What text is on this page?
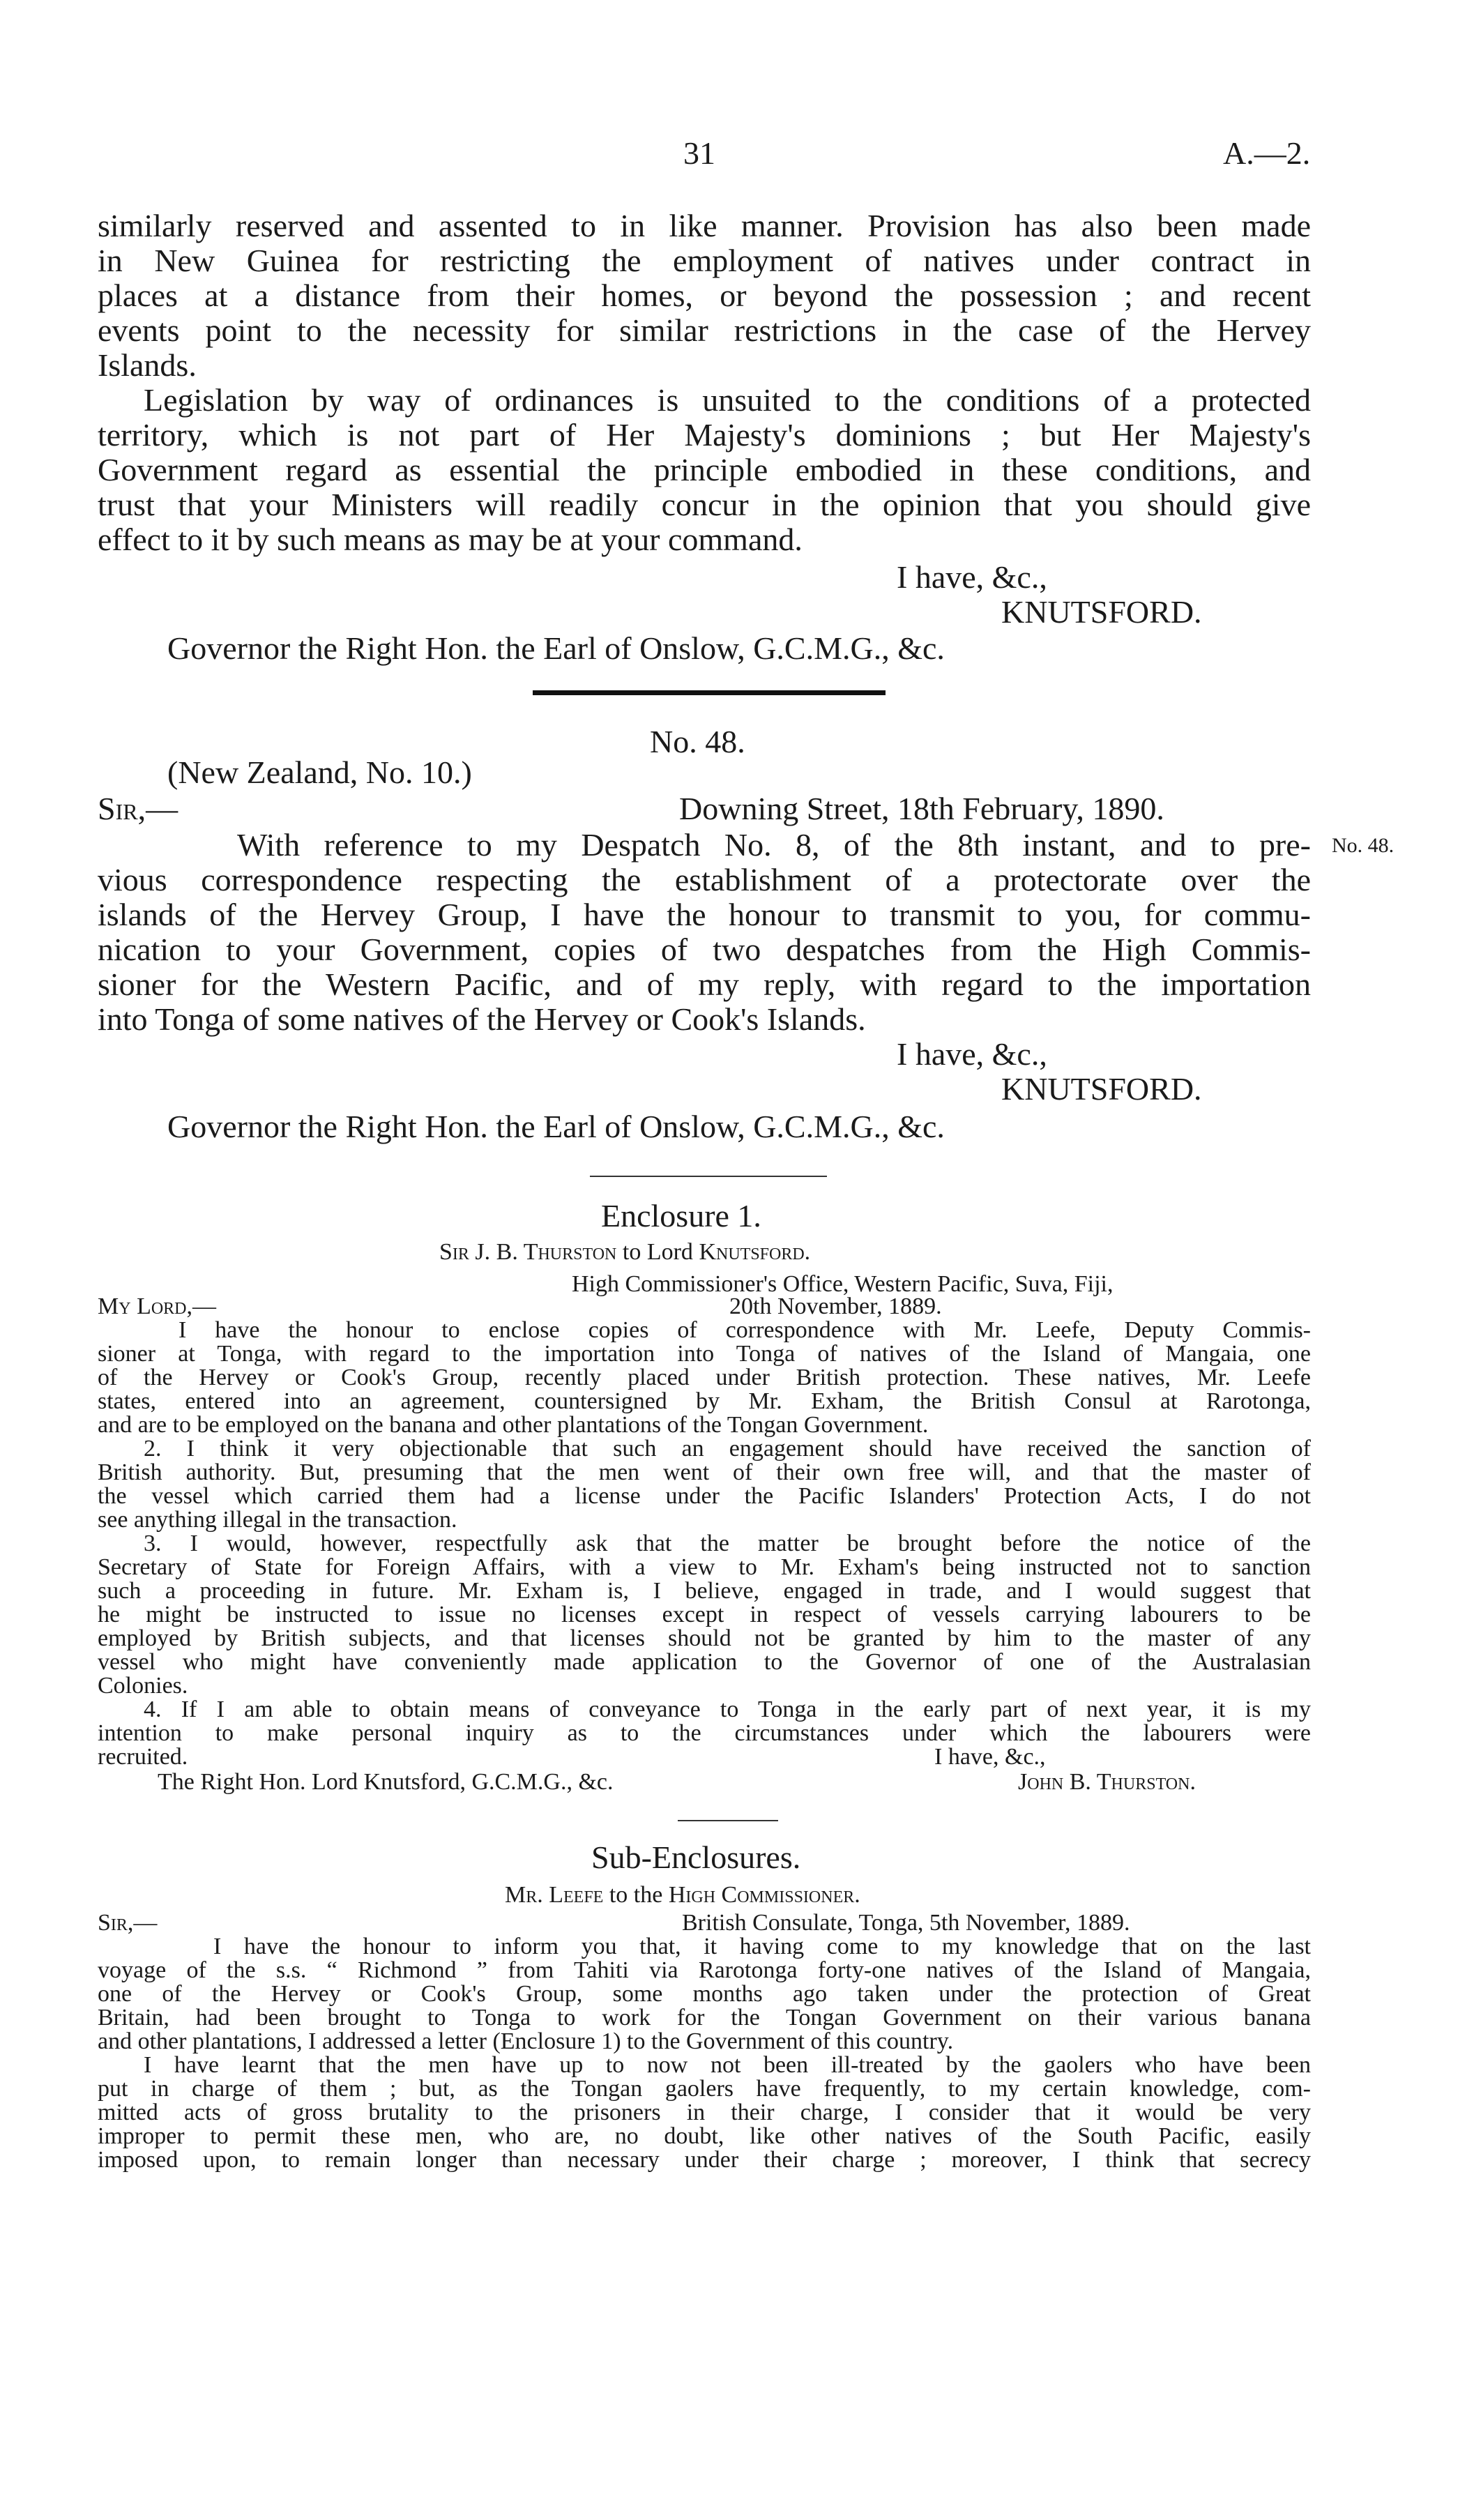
31	A.—2.
similarly reserved and assented to in like manner. Provision has also been made
in New Guinea for restricting the employment of natives under contract in
places at a distance from their homes, or beyond the possession ; and recent
events point to the necessity for similar restrictions in the case of the Hervey
Islands.
Legislation by way of ordinances is unsuited to the conditions of a protected
territory, which is not part of Her Majesty's dominions ; but Her Majesty's
Government regard as essential the principle embodied in these conditions, and
trust that your Ministers will readily concur in the opinion that you should give
effect to it by such means as may be at your command.
I have, &c.,
KNUTSFORD.
Governor the Right Hon. the Earl of Onslow, G.C.M.G., &c.
No. 48.
(New Zealand, No. 10.)
Sir,—	Downing Street, 18th February, 1890.
No. 48.
With reference to my Despatch No. 8, of the 8th instant, and to pre-
vious correspondence respecting the establishment of a protectorate over the
islands of the Hervey Group, I have the honour to transmit to you, for commu-
nication to your Government, copies of two despatches from the High Commis-
sioner for the Western Pacific, and of my reply, with regard to the importation
into Tonga of some natives of the Hervey or Cook's Islands.
I have, &c.,
KNUTSFORD.
Governor the Right Hon. the Earl of Onslow, G.C.M.G., &c.
Enclosure 1.
Sir J. B. Thurston to Lord Knutsford.
High Commissioner's Office, Western Pacific, Suva, Fiji,
My Lord,—	20th November, 1889.
I have the honour to enclose copies of correspondence with Mr. Leefe, Deputy Commis-
sioner at Tonga, with regard to the importation into Tonga of natives of the Island of Mangaia, one
of the Hervey or Cook's Group, recently placed under British protection. These natives, Mr. Leefe
states, entered into an agreement, countersigned by Mr. Exham, the British Consul at Rarotonga,
and are to be employed on the banana and other plantations of the Tongan Government.
2. I think it very objectionable that such an engagement should have received the sanction of
British authority. But, presuming that the men went of their own free will, and that the master of
the vessel which carried them had a license under the Pacific Islanders' Protection Acts, I do not
see anything illegal in the transaction.
3. I would, however, respectfully ask that the matter be brought before the notice of the
Secretary of State for Foreign Affairs, with a view to Mr. Exham's being instructed not to sanction
such a proceeding in future. Mr. Exham is, I believe, engaged in trade, and I would suggest that
he might be instructed to issue no licenses except in respect of vessels carrying labourers to be
employed by British subjects, and that licenses should not be granted by him to the master of any
vessel who might have conveniently made application to the Governor of one of the Australasian
Colonies.
4. If I am able to obtain means of conveyance to Tonga in the early part of next year, it is my
intention to make personal inquiry as to the circumstances under which the labourers were
recruited.	I have, &c.,
The Right Hon. Lord Knutsford, G.C.M.G., &c.	John B. Thurston.
Sub-Enclosures.
Mr. Leefe to the High Commissioner.
Sir,—	British Consulate, Tonga, 5th November, 1889.
I have the honour to inform you that, it having come to my knowledge that on the last
voyage of the s.s. “ Richmond ” from Tahiti via Rarotonga forty-one natives of the Island of Mangaia,
one of the Hervey or Cook's Group, some months ago taken under the protection of Great
Britain, had been brought to Tonga to work for the Tongan Government on their various banana
and other plantations, I addressed a letter (Enclosure 1) to the Government of this country.
I have learnt that the men have up to now not been ill-treated by the gaolers who have been
put in charge of them ; but, as the Tongan gaolers have frequently, to my certain knowledge, com-
mitted acts of gross brutality to the prisoners in their charge, I consider that it would be very
improper to permit these men, who are, no doubt, like other natives of the South Pacific, easily
imposed upon, to remain longer than necessary under their charge ; moreover, I think that secrecy
